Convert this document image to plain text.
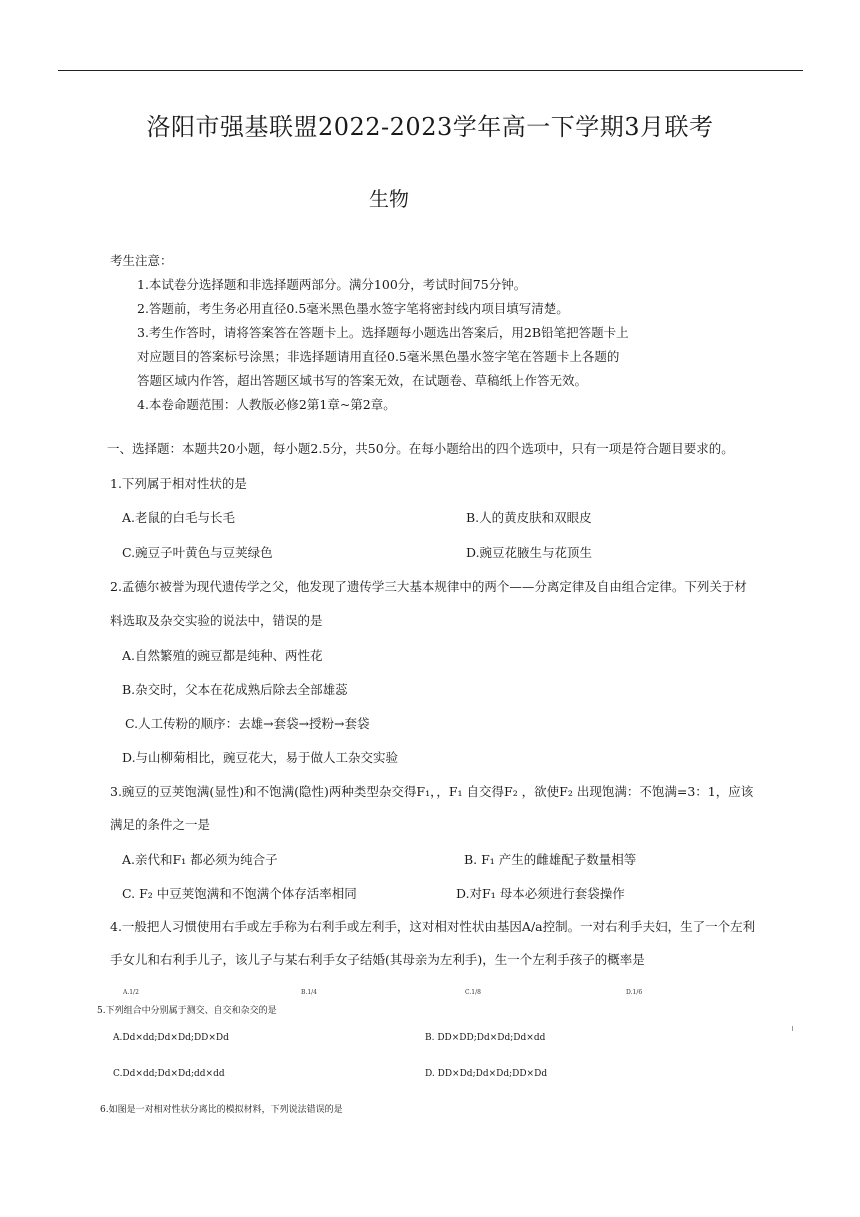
洛阳市强基联盟2022-2023学年高一下学期3月联考
生物
考生注意：
1.本试卷分选择题和非选择题两部分。满分100分，考试时间75分钟。
2.答题前，考生务必用直径0.5毫米黑色墨水签字笔将密封线内项目填写清楚。
3.考生作答时，请将答案答在答题卡上。选择题每小题选出答案后，用2B铅笔把答题卡上
对应题目的答案标号涂黑；非选择题请用直径0.5毫米黑色墨水签字笔在答题卡上各题的
答题区域内作答，超出答题区域书写的答案无效，在试题卷、草稿纸上作答无效。
4.本卷命题范围：人教版必修2第1章~第2章。
一、选择题：本题共20小题，每小题2.5分，共50分。在每小题给出的四个选项中，只有一项是符合题目要求的。
1.下列属于相对性状的是
A.老鼠的白毛与长毛	B.人的黄皮肤和双眼皮
C.豌豆子叶黄色与豆荚绿色	D.豌豆花腋生与花顶生
2.孟德尔被誉为现代遗传学之父，他发现了遗传学三大基本规律中的两个——分离定律及自由组合定律。下列关于材
料选取及杂交实验的说法中，错误的是
A.自然繁殖的豌豆都是纯种、两性花
B.杂交时，父本在花成熟后除去全部雄蕊
C.人工传粉的顺序：去雄→套袋→授粉→套袋
D.与山柳菊相比，豌豆花大，易于做人工杂交实验
3.豌豆的豆荚饱满(显性)和不饱满(隐性)两种类型杂交得F₁，，F₁ 自交得F₂ ，欲使F₂ 出现饱满：不饱满=3：1，应该
满足的条件之一是
A.亲代和F₁ 都必须为纯合子	B. F₁ 产生的雌雄配子数量相等
C. F₂ 中豆荚饱满和不饱满个体存活率相同	D.对F₁ 母本必须进行套袋操作
4.一般把人习惯使用右手或左手称为右利手或左利手，这对相对性状由基因A/a控制。一对右利手夫妇，生了一个左利
手女儿和右利手儿子，该儿子与某右利手女子结婚(其母亲为左利手)，生一个左利手孩子的概率是
A.1/2	B.1/4	C.1/8	D.1/6
5.下列组合中分别属于测交、自交和杂交的是
A.Dd×dd;Dd×Dd;DD×Dd	B. DD×DD;Dd×Dd;Dd×dd
C.Dd×dd;Dd×Dd;dd×dd	D. DD×Dd;Dd×Dd;DD×Dd
6.如图是一对相对性状分离比的模拟材料，下列说法错误的是
